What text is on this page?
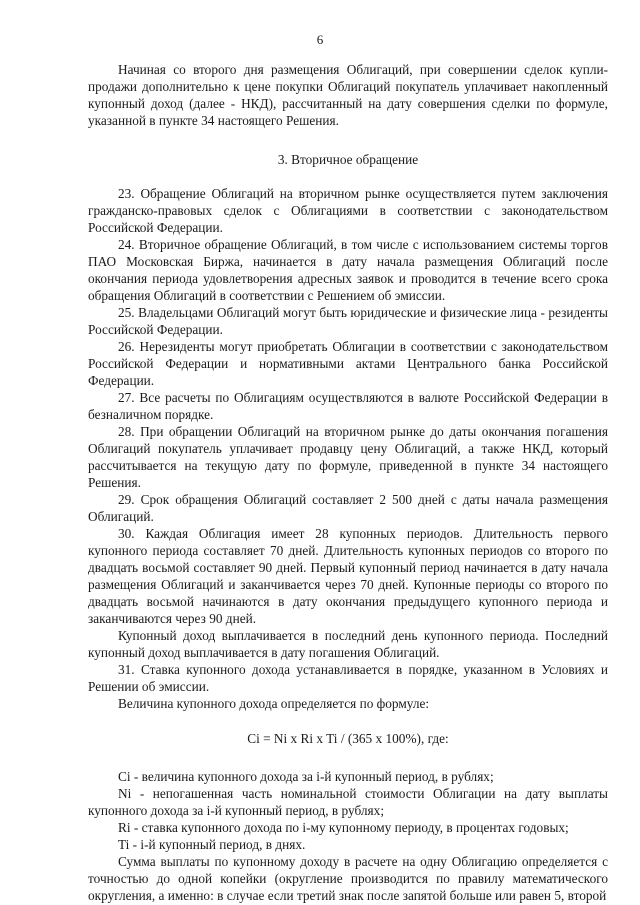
6

Начиная со второго дня размещения Облигаций, при совершении сделок купли-продажи дополнительно к цене покупки Облигаций покупатель уплачивает накопленный купонный доход (далее - НКД), рассчитанный на дату совершения сделки по формуле, указанной в пункте 34 настоящего Решения.

3. Вторичное обращение

23. Обращение Облигаций на вторичном рынке осуществляется путем заключения гражданско-правовых сделок с Облигациями в соответствии с законодательством Российской Федерации.

24. Вторичное обращение Облигаций, в том числе с использованием системы торгов ПАО Московская Биржа, начинается в дату начала размещения Облигаций после окончания периода удовлетворения адресных заявок и проводится в течение всего срока обращения Облигаций в соответствии с Решением об эмиссии.

25. Владельцами Облигаций могут быть юридические и физические лица - резиденты Российской Федерации.

26. Нерезиденты могут приобретать Облигации в соответствии с законодательством Российской Федерации и нормативными актами Центрального банка Российской Федерации.

27. Все расчеты по Облигациям осуществляются в валюте Российской Федерации в безналичном порядке.

28. При обращении Облигаций на вторичном рынке до даты окончания погашения Облигаций покупатель уплачивает продавцу цену Облигаций, а также НКД, который рассчитывается на текущую дату по формуле, приведенной в пункте 34 настоящего Решения.

29. Срок обращения Облигаций составляет 2 500 дней с даты начала размещения Облигаций.

30. Каждая Облигация имеет 28 купонных периодов. Длительность первого купонного периода составляет 70 дней. Длительность купонных периодов со второго по двадцать восьмой составляет 90 дней. Первый купонный период начинается в дату начала размещения Облигаций и заканчивается через 70 дней. Купонные периоды со второго по двадцать восьмой начинаются в дату окончания предыдущего купонного периода и заканчиваются через 90 дней.

Купонный доход выплачивается в последний день купонного периода. Последний купонный доход выплачивается в дату погашения Облигаций.

31. Ставка купонного дохода устанавливается в порядке, указанном в Условиях и Решении об эмиссии.

Величина купонного дохода определяется по формуле:

Ci = Ni x Ri x Ti / (365 x 100%), где:

Ci - величина купонного дохода за i-й купонный период, в рублях;

Ni - непогашенная часть номинальной стоимости Облигации на дату выплаты купонного дохода за i-й купонный период, в рублях;

Ri - ставка купонного дохода по i-му купонному периоду, в процентах годовых;

Ti - i-й купонный период, в днях.

Сумма выплаты по купонному доходу в расчете на одну Облигацию определяется с точностью до одной копейки (округление производится по правилу математического округления, а именно: в случае если третий знак после запятой больше или равен 5, второй
